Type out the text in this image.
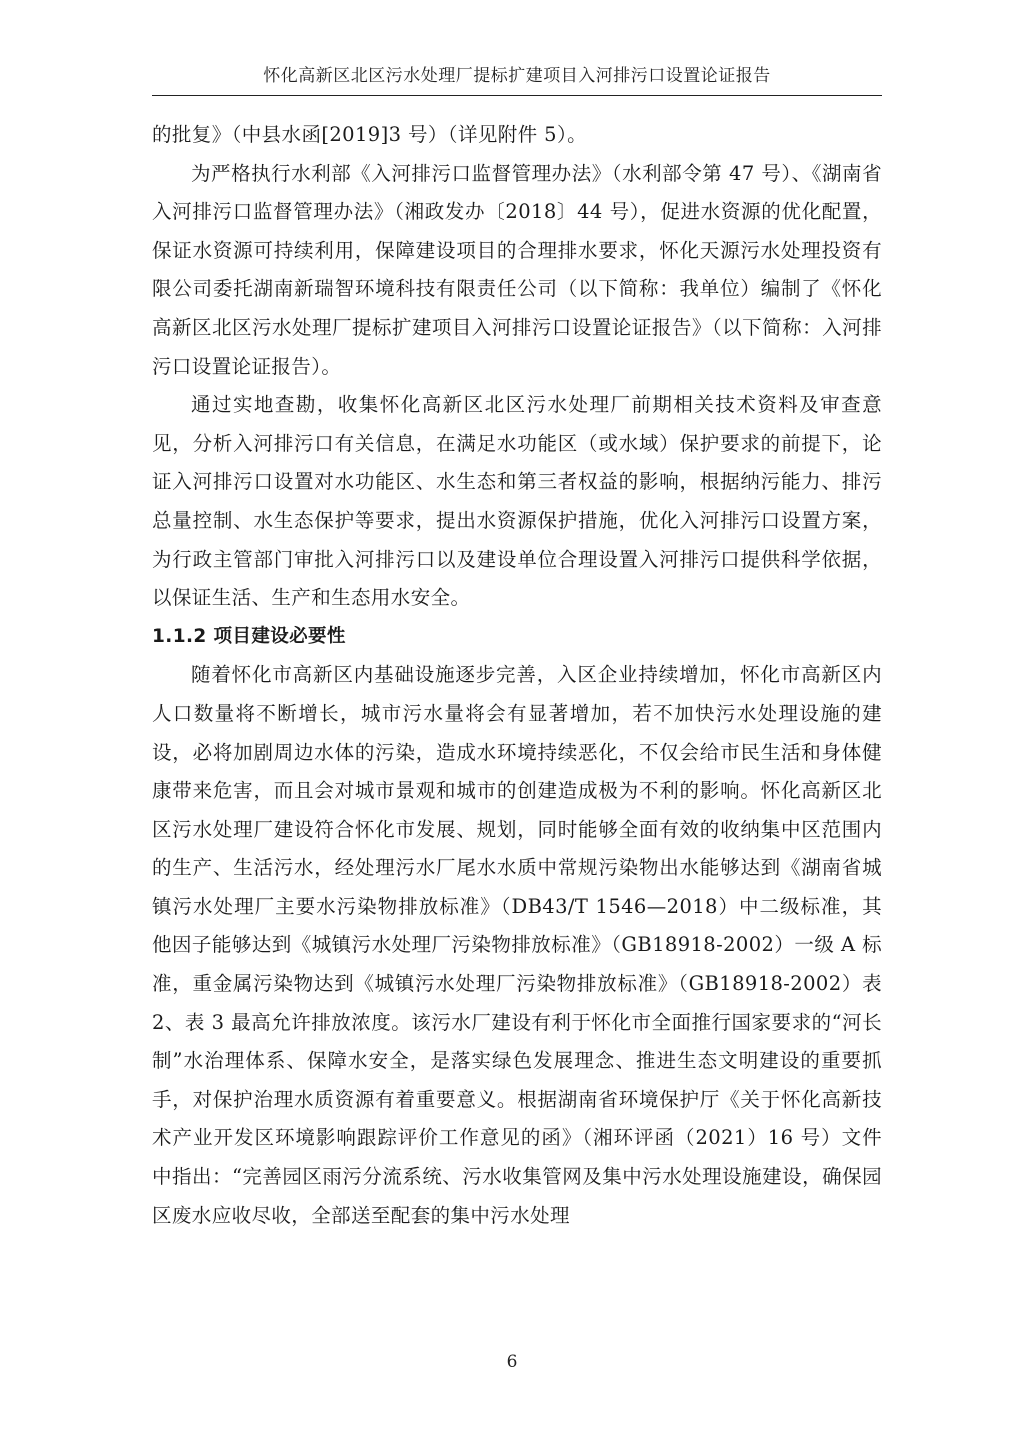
怀化高新区北区污水处理厂提标扩建项目入河排污口设置论证报告

的批复》（中县水函[2019]3 号）（详见附件 5）。

为严格执行水利部《入河排污口监督管理办法》（水利部令第 47 号）、《湖南省入河排污口监督管理办法》（湘政发办〔2018〕44 号），促进水资源的优化配置，保证水资源可持续利用，保障建设项目的合理排水要求，怀化天源污水处理投资有限公司委托湖南新瑞智环境科技有限责任公司（以下简称：我单位）编制了《怀化高新区北区污水处理厂提标扩建项目入河排污口设置论证报告》（以下简称：入河排污口设置论证报告）。

通过实地查勘，收集怀化高新区北区污水处理厂前期相关技术资料及审查意见，分析入河排污口有关信息，在满足水功能区（或水域）保护要求的前提下，论证入河排污口设置对水功能区、水生态和第三者权益的影响，根据纳污能力、排污总量控制、水生态保护等要求，提出水资源保护措施，优化入河排污口设置方案，为行政主管部门审批入河排污口以及建设单位合理设置入河排污口提供科学依据，以保证生活、生产和生态用水安全。

1.1.2 项目建设必要性

随着怀化市高新区内基础设施逐步完善，入区企业持续增加，怀化市高新区内人口数量将不断增长，城市污水量将会有显著增加，若不加快污水处理设施的建设，必将加剧周边水体的污染，造成水环境持续恶化，不仅会给市民生活和身体健康带来危害，而且会对城市景观和城市的创建造成极为不利的影响。怀化高新区北区污水处理厂建设符合怀化市发展、规划，同时能够全面有效的收纳集中区范围内的生产、生活污水，经处理污水厂尾水水质中常规污染物出水能够达到《湖南省城镇污水处理厂主要水污染物排放标准》（DB43/T 1546—2018）中二级标准，其他因子能够达到《城镇污水处理厂污染物排放标准》（GB18918-2002）一级 A 标准，重金属污染物达到《城镇污水处理厂污染物排放标准》（GB18918-2002）表 2、表 3 最高允许排放浓度。该污水厂建设有利于怀化市全面推行国家要求的“河长制”水治理体系、保障水安全，是落实绿色发展理念、推进生态文明建设的重要抓手，对保护治理水质资源有着重要意义。根据湖南省环境保护厅《关于怀化高新技术产业开发区环境影响跟踪评价工作意见的函》（湘环评函（2021）16 号）文件中指出：“完善园区雨污分流系统、污水收集管网及集中污水处理设施建设，确保园区废水应收尽收，全部送至配套的集中污水处理

6
